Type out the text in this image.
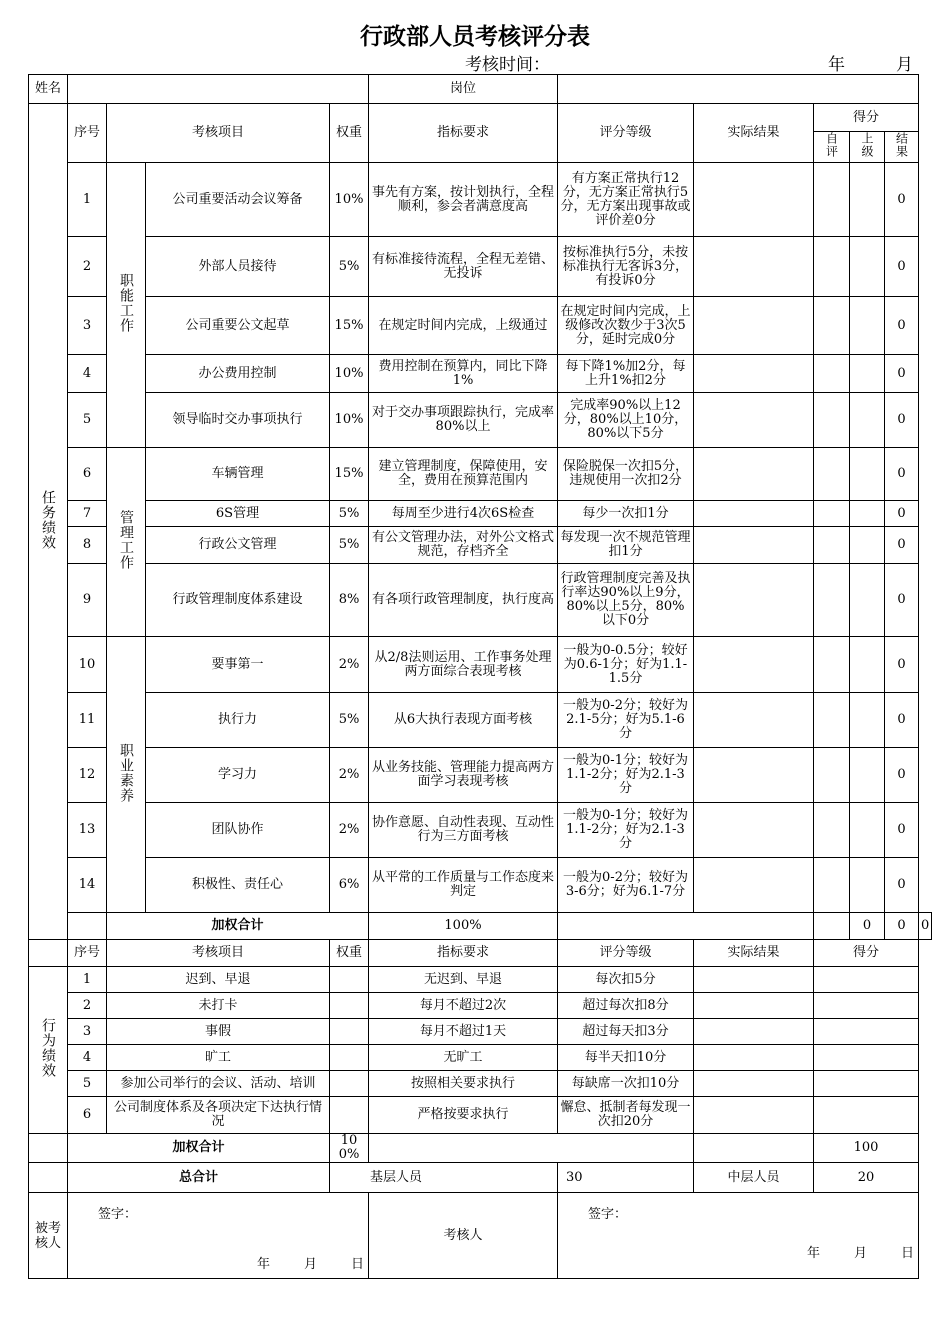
行政部人员考核评分表
考核时间：	年	月
姓名					岗位						
任务绩效	序号	考核项目		权重	指标要求	评分等级	实际结果	得分			
								自评	上级	结果	
	1	职能工作	公司重要活动会议筹备	10%	事先有方案，按计划执行，全程顺利，参会者满意度高	有方案正常执行12分，无方案正常执行5分，无方案出现事故或评价差0分				0	
	2		外部人员接待	5%	有标准接待流程，全程无差错、无投诉	按标准执行5分，未按标准执行无客诉3分，有投诉0分				0	
	3		公司重要公文起草	15%	在规定时间内完成，上级通过	在规定时间内完成，上级修改次数少于3次5分，延时完成0分				0	
	4		办公费用控制	10%	费用控制在预算内，同比下降1%	每下降1%加2分，每上升1%扣2分				0	
	5		领导临时交办事项执行	10%	对于交办事项跟踪执行，完成率80%以上	完成率90%以上12分，80%以上10分，80%以下5分				0	
	6	管理工作	车辆管理	15%	建立管理制度，保障使用，安全，费用在预算范围内	保险脱保一次扣5分，违规使用一次扣2分				0	
	7		6S管理	5%	每周至少进行4次6S检查	每少一次扣1分				0	
	8		行政公文管理	5%	有公文管理办法，对外公文格式规范，存档齐全	每发现一次不规范管理扣1分				0	
	9		行政管理制度体系建设	8%	有各项行政管理制度，执行度高	行政管理制度完善及执行率达90%以上9分，80%以上5分，80%以下0分				0	
	10	职业素养	要事第一	2%	从2/8法则运用、工作事务处理两方面综合表现考核	一般为0-0.5分；较好为0.6-1分；好为1.1-1.5分				0	
	11		执行力	5%	从6大执行表现方面考核	一般为0-2分；较好为2.1-5分；好为5.1-6分				0	
	12		学习力	2%	从业务技能、管理能力提高两方面学习表现考核	一般为0-1分；较好为1.1-2分；好为2.1-3分				0	
	13		团队协作	2%	协作意愿、自动性表现、互动性行为三方面考核	一般为0-1分；较好为1.1-2分；好为2.1-3分				0	
	14		积极性、责任心	6%	从平常的工作质量与工作态度来判定	一般为0-2分；较好为3-6分；好为6.1-7分				0	
		加权合计			100%				0	0	0
	序号	考核项目		权重	指标要求	评分等级	实际结果	得分			
行为绩效	1	迟到、早退			无迟到、早退	每次扣5分					
	2	未打卡			每月不超过2次	超过每次扣8分					
	3	事假			每月不超过1天	超过每天扣3分					
	4	旷工			无旷工	每半天扣10分					
	5	参加公司举行的会议、活动、培训			按照相关要求执行	每缺席一次扣10分					
	6	公司制度体系及各项决定下达执行情况			严格按要求执行	懈怠、抵制者每发现一次扣20分					
	加权合计			100%				100			
	总合计			基层人员		30	中层人员	20			
被考核人	签字：				考核人	签字：					
	年 月 日					年 月 日					
